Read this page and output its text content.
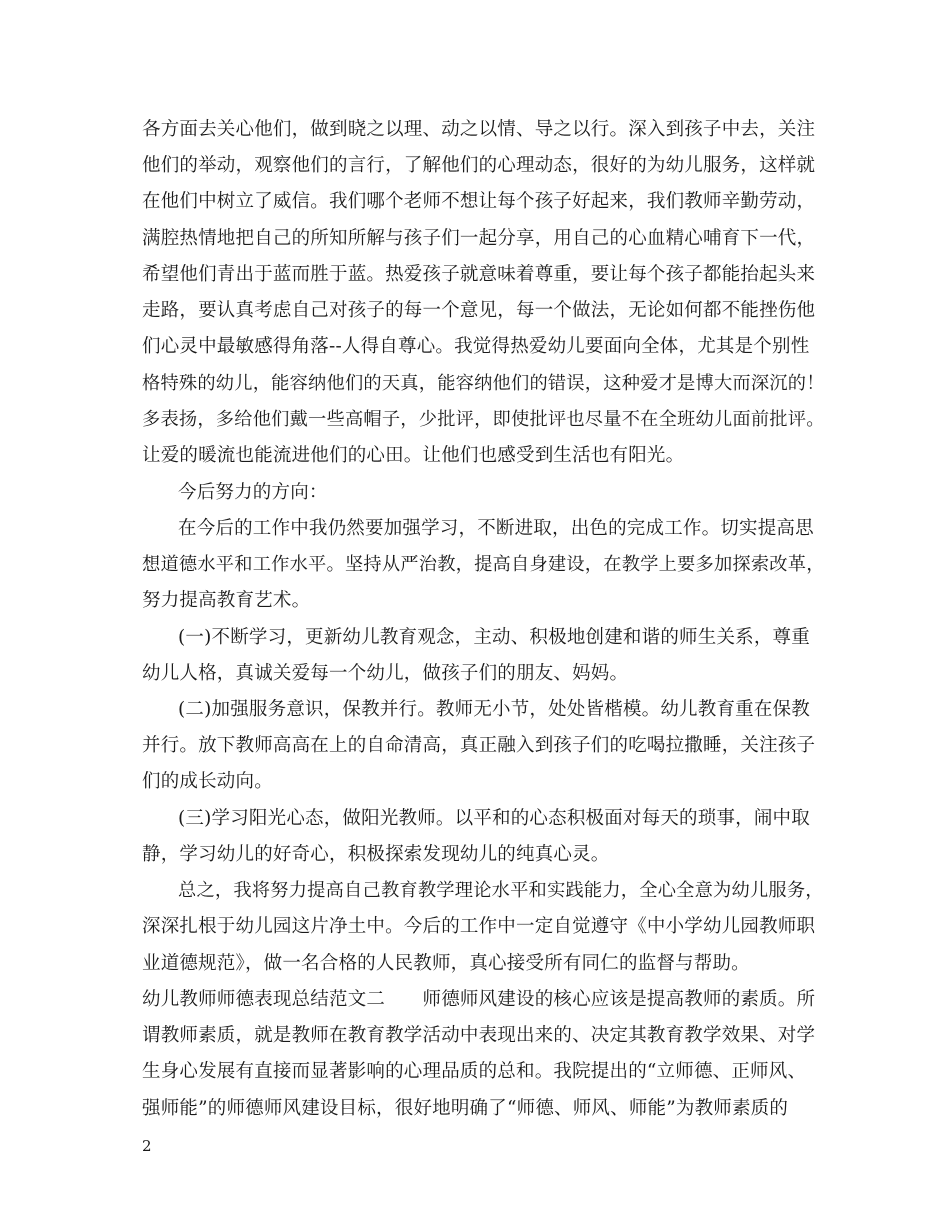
各方面去关心他们，做到晓之以理、动之以情、导之以行。深入到孩子中去，关注
他们的举动，观察他们的言行，了解他们的心理动态，很好的为幼儿服务，这样就
在他们中树立了威信。我们哪个老师不想让每个孩子好起来，我们教师辛勤劳动，
满腔热情地把自己的所知所解与孩子们一起分享，用自己的心血精心哺育下一代，
希望他们青出于蓝而胜于蓝。热爱孩子就意味着尊重，要让每个孩子都能抬起头来
走路，要认真考虑自己对孩子的每一个意见，每一个做法，无论如何都不能挫伤他
们心灵中最敏感得角落--人得自尊心。我觉得热爱幼儿要面向全体，尤其是个别性
格特殊的幼儿，能容纳他们的天真，能容纳他们的错误，这种爱才是博大而深沉的！
多表扬，多给他们戴一些高帽子，少批评，即使批评也尽量不在全班幼儿面前批评。
让爱的暖流也能流进他们的心田。让他们也感受到生活也有阳光。
今后努力的方向：
在今后的工作中我仍然要加强学习，不断进取，出色的完成工作。切实提高思
想道德水平和工作水平。坚持从严治教，提高自身建设，在教学上要多加探索改革，
努力提高教育艺术。
(一)不断学习，更新幼儿教育观念，主动、积极地创建和谐的师生关系，尊重
幼儿人格，真诚关爱每一个幼儿，做孩子们的朋友、妈妈。
(二)加强服务意识，保教并行。教师无小节，处处皆楷模。幼儿教育重在保教
并行。放下教师高高在上的自命清高，真正融入到孩子们的吃喝拉撒睡，关注孩子
们的成长动向。
(三)学习阳光心态，做阳光教师。以平和的心态积极面对每天的琐事，闹中取
静，学习幼儿的好奇心，积极探索发现幼儿的纯真心灵。
总之，我将努力提高自己教育教学理论水平和实践能力，全心全意为幼儿服务，
深深扎根于幼儿园这片净土中。今后的工作中一定自觉遵守《中小学幼儿园教师职
业道德规范》，做一名合格的人民教师，真心接受所有同仁的监督与帮助。
幼儿教师师德表现总结范文二　　师德师风建设的核心应该是提高教师的素质。所
谓教师素质，就是教师在教育教学活动中表现出来的、决定其教育教学效果、对学
生身心发展有直接而显著影响的心理品质的总和。我院提出的“立师德、正师风、
强师能”的师德师风建设目标，很好地明确了“师德、师风、师能”为教师素质的
2
